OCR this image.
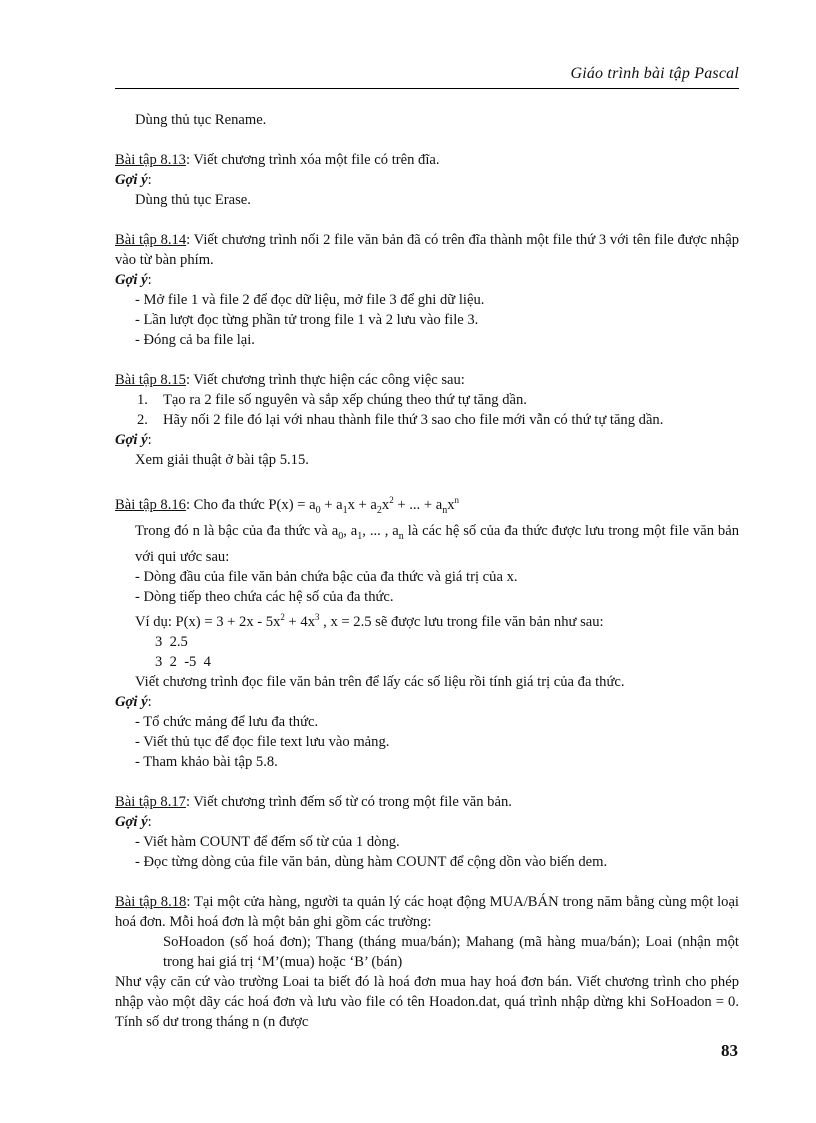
Giáo trình bài tập Pascal

Dùng thủ tục Rename.

Bài tập 8.13: Viết chương trình xóa một file có trên đĩa.

Gợi ý:

Dùng thủ tục Erase.

Bài tập 8.14: Viết chương trình nối 2 file văn bản đã có trên đĩa thành một file thứ 3 với tên file được nhập vào từ bàn phím.

Gợi ý:

- Mở file 1 và file 2 để đọc dữ liệu, mở file 3 để ghi dữ liệu.

- Lần lượt đọc từng phần tử trong file 1 và 2 lưu vào file 3.

- Đóng cả ba file lại.

Bài tập 8.15: Viết chương trình thực hiện các công việc sau:

1.	Tạo ra 2 file số nguyên và sắp xếp chúng theo thứ tự tăng dần.
2.	Hãy nối 2 file đó lại với nhau thành file thứ 3 sao cho file mới vẫn có thứ tự tăng dần.

Gợi ý:

Xem giải thuật ở bài tập 5.15.

Bài tập 8.16: Cho đa thức $P(x) = a_0 + a_1x + a_2x^2$ + ... + $a_nx^n$

Trong đó n là bậc của đa thức và $a_0$, $a_1$, ... , $a_n$ là các hệ số của đa thức được lưu trong một file văn bản với qui ước sau:

- Dòng đầu của file văn bản chứa bậc của đa thức và giá trị của x.

- Dòng tiếp theo chứa các hệ số của đa thức.

Ví dụ: $P(x) = 3 + 2x - 5x^2 + 4x^3$ , x = 2.5 sẽ được lưu trong file văn bản như sau:

3  2.5

3  2  -5  4

Viết chương trình đọc file văn bản trên để lấy các số liệu rồi tính giá trị của đa thức.

Gợi ý:

- Tổ chức mảng để lưu đa thức.

- Viết thủ tục để đọc file text lưu vào mảng.

- Tham khảo bài tập 5.8.

Bài tập 8.17: Viết chương trình đếm số từ có trong một file văn bản.

Gợi ý:

- Viết hàm COUNT để đếm số từ của 1 dòng.

- Đọc từng dòng của file văn bản, dùng hàm COUNT để cộng dồn vào biến dem.

Bài tập 8.18: Tại một cửa hàng, người ta quản lý các hoạt động MUA/BÁN trong năm bằng cùng một loại hoá đơn. Mỗi hoá đơn là một bản ghi gồm các trường:

SoHoadon (số hoá đơn); Thang (tháng mua/bán); Mahang (mã hàng mua/bán); Loai (nhận một trong hai giá trị ‘M’(mua) hoặc ‘B’ (bán)

Như vậy căn cứ vào trường Loai ta biết đó là hoá đơn mua hay hoá đơn bán. Viết chương trình cho phép nhập vào một dãy các hoá đơn và lưu vào file có tên Hoadon.dat, quá trình nhập dừng khi SoHoadon = 0. Tính số dư trong tháng n (n được

83
